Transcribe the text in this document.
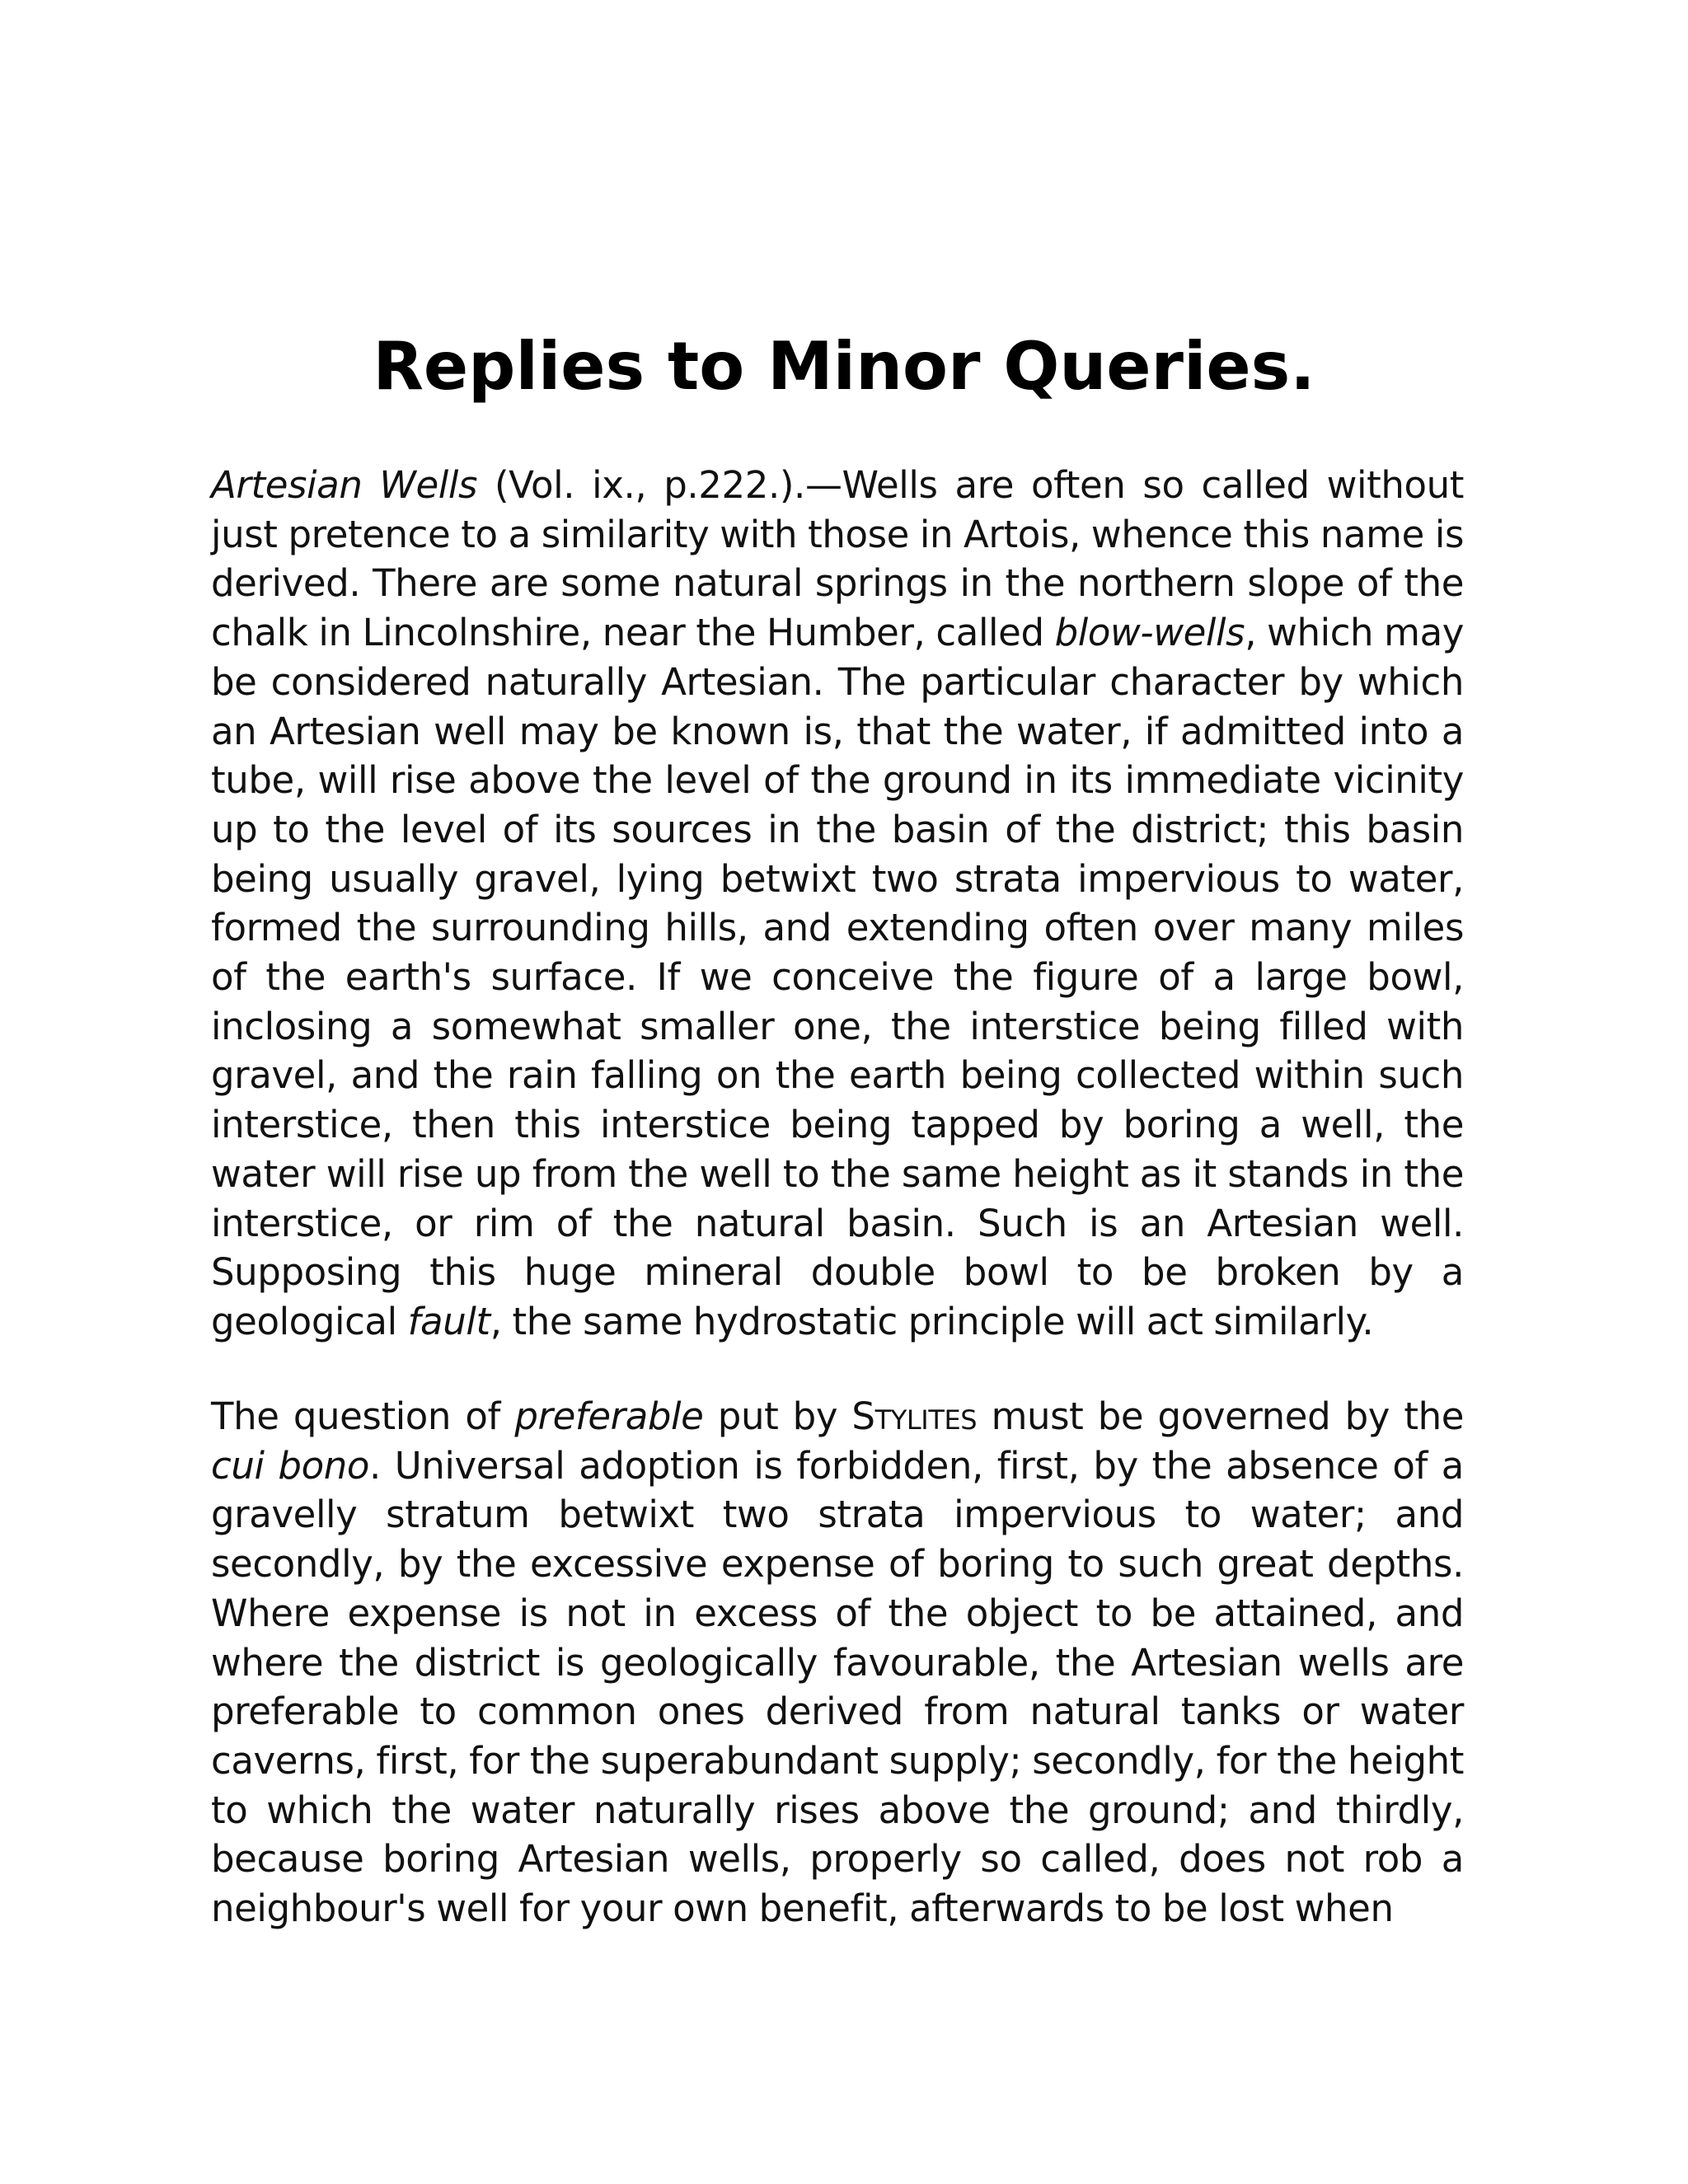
Replies to Minor Queries.

Artesian Wells (Vol. ix., p.222.).—Wells are often so called without just pretence to a similarity with those in Artois, whence this name is derived. There are some natural springs in the northern slope of the chalk in Lincolnshire, near the Humber, called blow-wells, which may be considered naturally Artesian. The particular character by which an Artesian well may be known is, that the water, if admitted into a tube, will rise above the level of the ground in its immediate vicinity up to the level of its sources in the basin of the district; this basin being usually gravel, lying betwixt two strata impervious to water, formed the surrounding hills, and extending often over many miles of the earth's surface. If we conceive the figure of a large bowl, inclosing a somewhat smaller one, the interstice being filled with gravel, and the rain falling on the earth being collected within such interstice, then this interstice being tapped by boring a well, the water will rise up from the well to the same height as it stands in the interstice, or rim of the natural basin. Such is an Artesian well. Supposing this huge mineral double bowl to be broken by a geological fault, the same hydrostatic principle will act similarly.

The question of preferable put by Stylites must be governed by the cui bono. Universal adoption is forbidden, first, by the absence of a gravelly stratum betwixt two strata impervious to water; and secondly, by the excessive expense of boring to such great depths. Where expense is not in excess of the object to be attained, and where the district is geologically favourable, the Artesian wells are preferable to common ones derived from natural tanks or water caverns, first, for the superabundant supply; secondly, for the height to which the water naturally rises above the ground; and thirdly, because boring Artesian wells, properly so called, does not rob a neighbour's well for your own benefit, afterwards to be lost when
